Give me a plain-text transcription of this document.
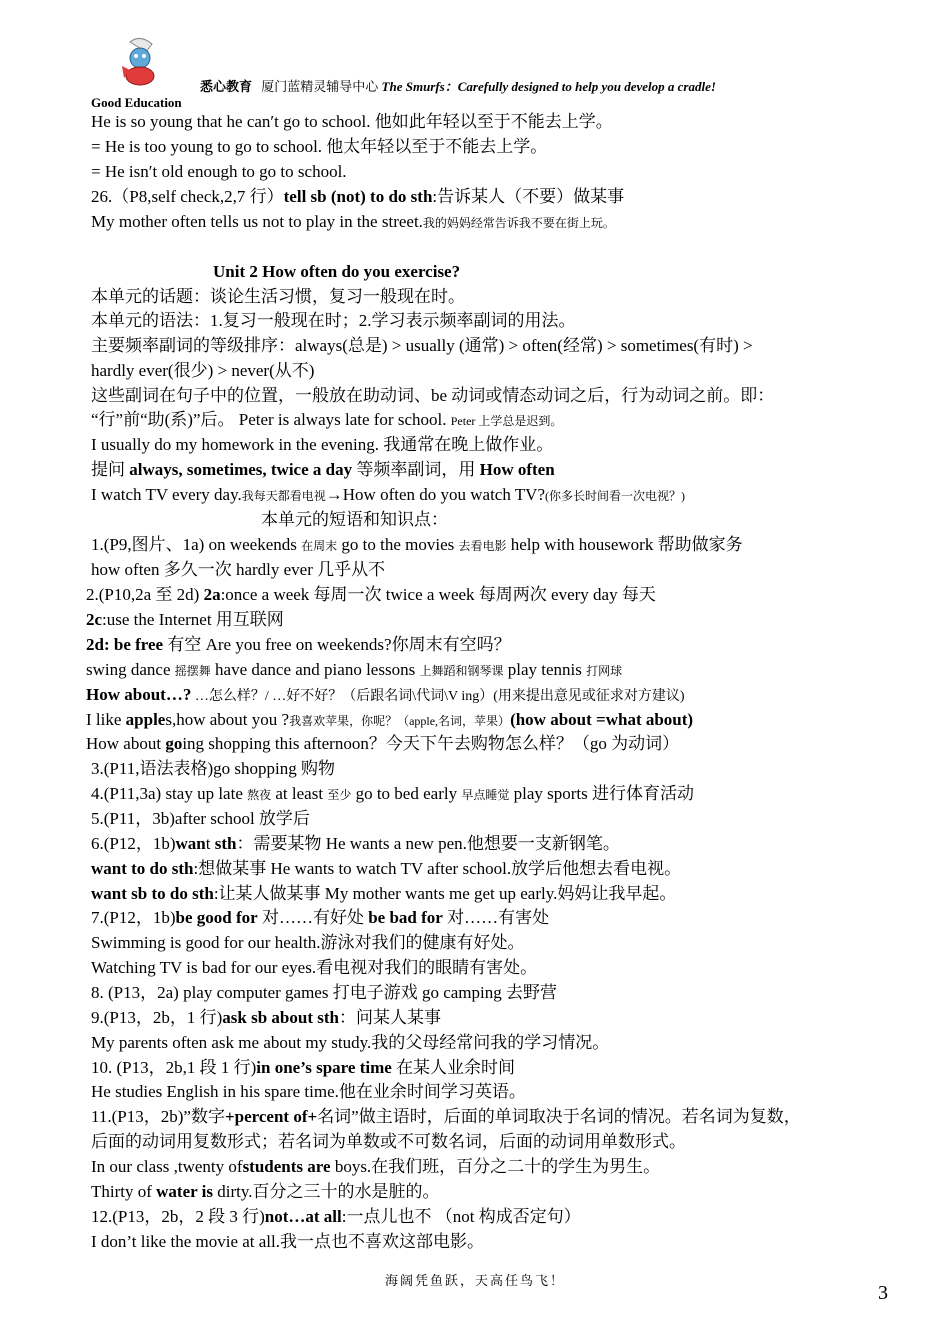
悉心教育 厦门蓝精灵辅导中心 The Smurfs：Carefully designed to help you develop a cradle!
Good Education
He is so young that he can′t go to school. 他如此年轻以至于不能去上学。
= He is too young to go to school. 他太年轻以至于不能去上学。
= He isn′t old enough to go to school.
26.（P8,self check,2,7 行）tell sb (not) to do sth:告诉某人（不要）做某事
My mother often tells us not to play in the street.我的妈妈经常告诉我不要在街上玩。
Unit 2 How often do you exercise?
本单元的话题：谈论生活习惯，复习一般现在时。
本单元的语法：1.复习一般现在时；2.学习表示频率副词的用法。
主要频率副词的等级排序：always(总是) > usually (通常) > often(经常) > sometimes(有时) >
hardly ever(很少) > never(从不)
这些副词在句子中的位置，一般放在助动词、be 动词或情态动词之后，行为动词之前。即：
“行”前“助(系)”后。 Peter is always late for school. Peter 上学总是迟到。
I usually do my homework in the evening. 我通常在晚上做作业。
提问 always, sometimes, twice a day 等频率副词，用 How often
I watch TV every day.我每天都看电视→How often do you watch TV?(你多长时间看一次电视？)
本单元的短语和知识点：
1.(P9,图片、1a) on weekends 在周末 go to the movies 去看电影 help with housework 帮助做家务
how often 多久一次 hardly ever 几乎从不
2.(P10,2a 至 2d) 2a:once a week 每周一次 twice a week 每周两次 every day 每天
2c:use the Internet 用互联网
2d: be free 有空 Are you free on weekends?你周末有空吗？
swing dance 摇摆舞 have dance and piano lessons 上舞蹈和钢琴课 play tennis 打网球
How about…? …怎么样？/ …好不好？（后跟名词\代词\V ing）(用来提出意见或征求对方建议)
I like apples,how about you ?我喜欢苹果，你呢？（apple,名词，苹果）(how about =what about)
How about going shopping this afternoon？今天下午去购物怎么样？（go 为动词）
3.(P11,语法表格)go shopping 购物
4.(P11,3a) stay up late 熬夜 at least 至少 go to bed early 早点睡觉 play sports 进行体育活动
5.(P11，3b)after school 放学后
6.(P12，1b)want sth：需要某物 He wants a new pen.他想要一支新钢笔。
want to do sth:想做某事 He wants to watch TV after school.放学后他想去看电视。
want sb to do sth:让某人做某事 My mother wants me get up early.妈妈让我早起。
7.(P12，1b)be good for 对……有好处 be bad for 对……有害处
Swimming is good for our health.游泳对我们的健康有好处。
Watching TV is bad for our eyes.看电视对我们的眼睛有害处。
8. (P13，2a) play computer games 打电子游戏 go camping 去野营
9.(P13，2b，1 行)ask sb about sth：问某人某事
My parents often ask me about my study.我的父母经常问我的学习情况。
10. (P13，2b,1 段 1 行)in one’s spare time 在某人业余时间
He studies English in his spare time.他在业余时间学习英语。
11.(P13，2b)”数字+percent of+名词”做主语时，后面的单词取决于名词的情况。若名词为复数，
后面的动词用复数形式；若名词为单数或不可数名词，后面的动词用单数形式。
In our class ,twenty ofstudents are boys.在我们班，百分之二十的学生为男生。
Thirty of water is dirty.百分之三十的水是脏的。
12.(P13，2b，2 段 3 行)not…at all:一点儿也不 （not 构成否定句）
I don’t like the movie at all.我一点也不喜欢这部电影。
海阔凭鱼跃，天高任鸟飞！
3
